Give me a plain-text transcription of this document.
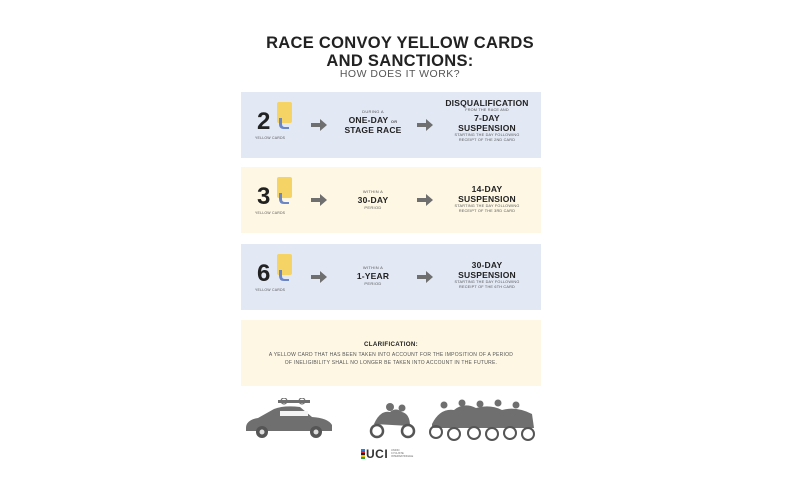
RACE CONVOY YELLOW CARDS
AND SANCTIONS:
HOW DOES IT WORK?
2
YELLOW CARDS
DURING A
ONE-DAY OR
STAGE RACE
DISQUALIFICATION
FROM THE RACE AND
7-DAY
SUSPENSION
STARTING THE DAY FOLLOWING
RECEIPT OF THE 2ND CARD
3
YELLOW CARDS
WITHIN A
30-DAY
PERIOD
14-DAY
SUSPENSION
STARTING THE DAY FOLLOWING
RECEIPT OF THE 3RD CARD
6
YELLOW CARDS
WITHIN A
1-YEAR
PERIOD
30-DAY
SUSPENSION
STARTING THE DAY FOLLOWING
RECEIPT OF THE 6TH CARD
CLARIFICATION:
A YELLOW CARD THAT HAS BEEN TAKEN INTO ACCOUNT FOR THE IMPOSITION OF A PERIOD
OF INELIGIBILITY SHALL NO LONGER BE TAKEN INTO ACCOUNT IN THE FUTURE.
UCI UNION
CYCLISTE
INTERNATIONALE
